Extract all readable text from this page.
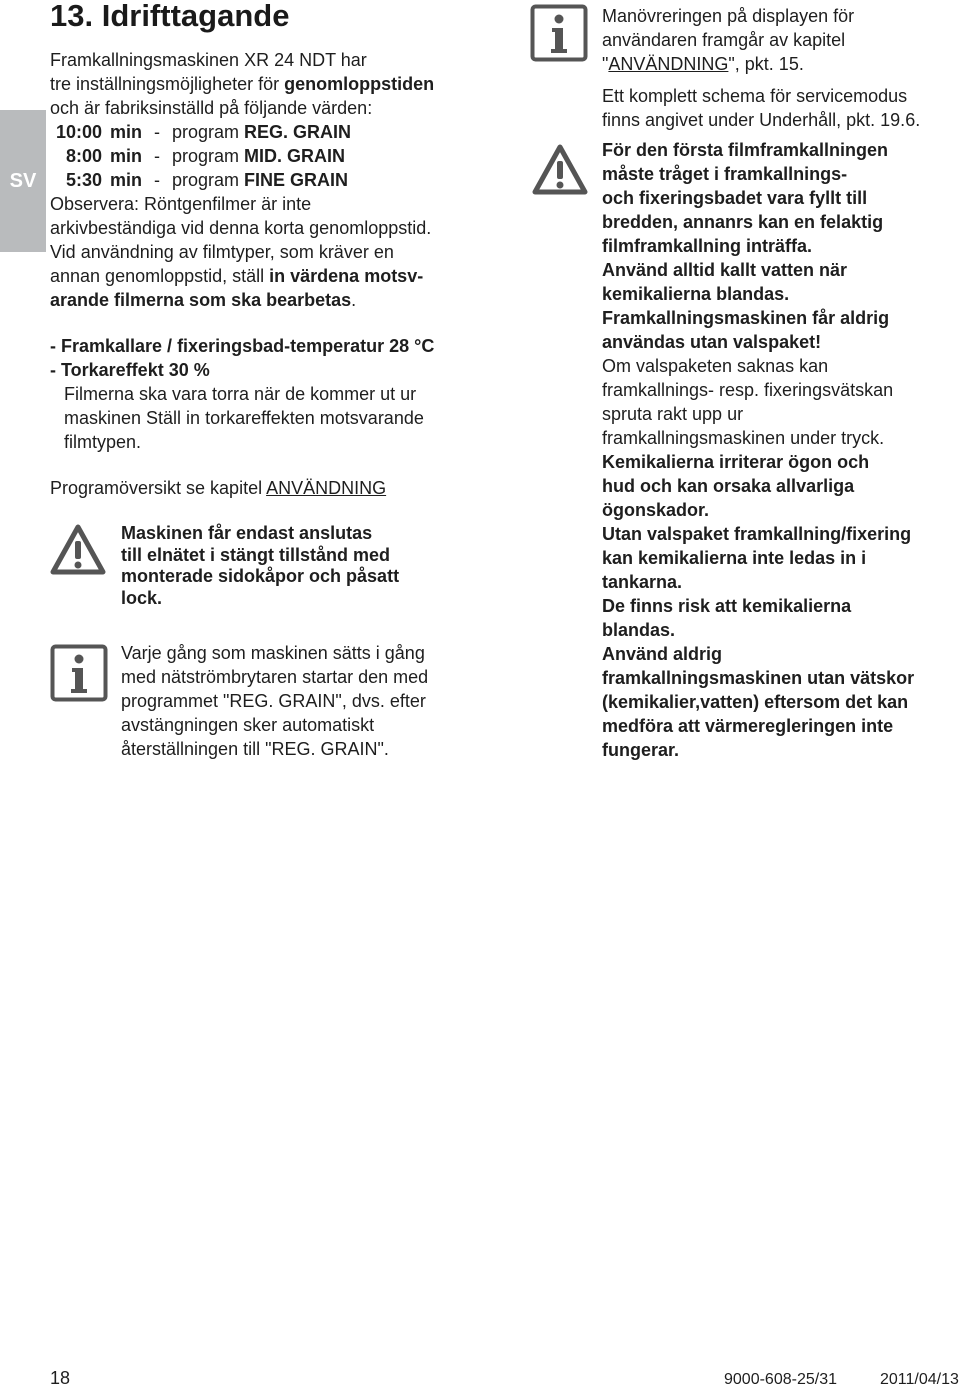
SV
13. Idrifttagande

Framkallningsmaskinen XR 24 NDT har

tre inställningsmöjligheter för genomloppstiden

och är fabriksinställd på följande värden:

10:00 min - program REG. GRAIN
8:00 min - program MID. GRAIN
5:30 min - program FINE GRAIN

Observera: Röntgenfilmer är inte

arkivbeständiga vid denna korta genomloppstid.

Vid användning av filmtyper, som kräver en

annan genomloppstid, ställ in värdena motsv-

arande filmerna som ska bearbetas.

- Framkallare / fixeringsbad-temperatur 28 °C

- Torkareffekt 30 %

Filmerna ska vara torra när de kommer ut ur

maskinen Ställ in torkareffekten motsvarande

filmtypen.

Programöversikt se kapitel ANVÄNDNING

Maskinen får endast anslutas

till elnätet i stängt tillstånd med

monterade sidokåpor och påsatt

lock.

Varje gång som maskinen sätts i gång

med nätströmbrytaren startar den med

programmet "REG. GRAIN", dvs. efter

avstängningen sker automatiskt

återställningen till "REG. GRAIN".

Manövreringen på displayen för

användaren framgår av kapitel

"ANVÄNDNING", pkt. 15.

Ett komplett schema för servicemodus

finns angivet under Underhåll, pkt. 19.6.

För den första filmframkallningen

måste tråget i framkallnings-

och fixeringsbadet vara fyllt till

bredden, annanrs kan en felaktig

filmframkallning inträffa.

Använd alltid kallt vatten när

kemikalierna blandas.

Framkallningsmaskinen får aldrig

användas utan valspaket!

Om valspaketen saknas kan

framkallnings- resp. fixeringsvätskan

spruta rakt upp ur

framkallningsmaskinen under tryck.

Kemikalierna irriterar ögon och

hud och kan orsaka allvarliga

ögonskador.

Utan valspaket framkallning/fixering

kan kemikalierna inte ledas in i

tankarna.

De finns risk att kemikalierna

blandas.

Använd aldrig

framkallningsmaskinen utan vätskor

(kemikalier,vatten) eftersom det kan

medföra att värmeregleringen inte

fungerar.

18	9000-608-25/31	2011/04/13
